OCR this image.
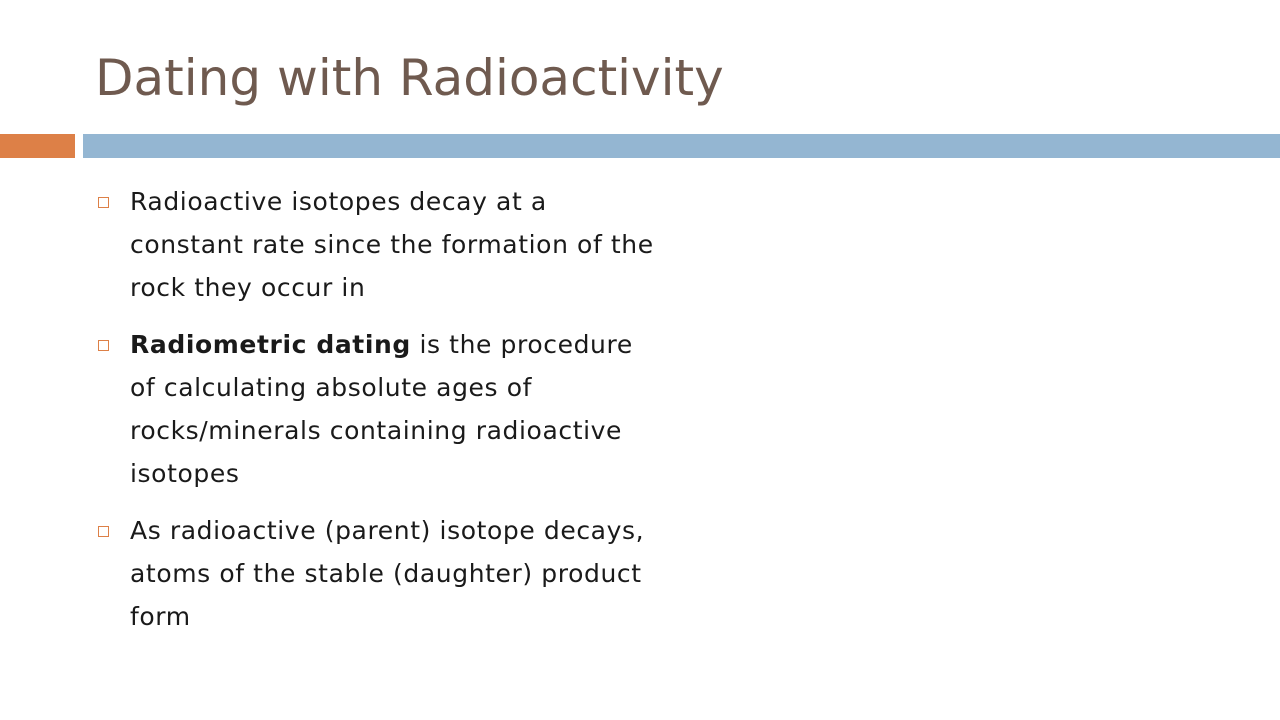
Dating with Radioactivity
Radioactive isotopes decay at a constant rate since the formation of the rock they occur in
Radiometric dating is the procedure of calculating absolute ages of rocks/minerals containing radioactive isotopes
As radioactive (parent) isotope decays, atoms of the stable (daughter) product form
